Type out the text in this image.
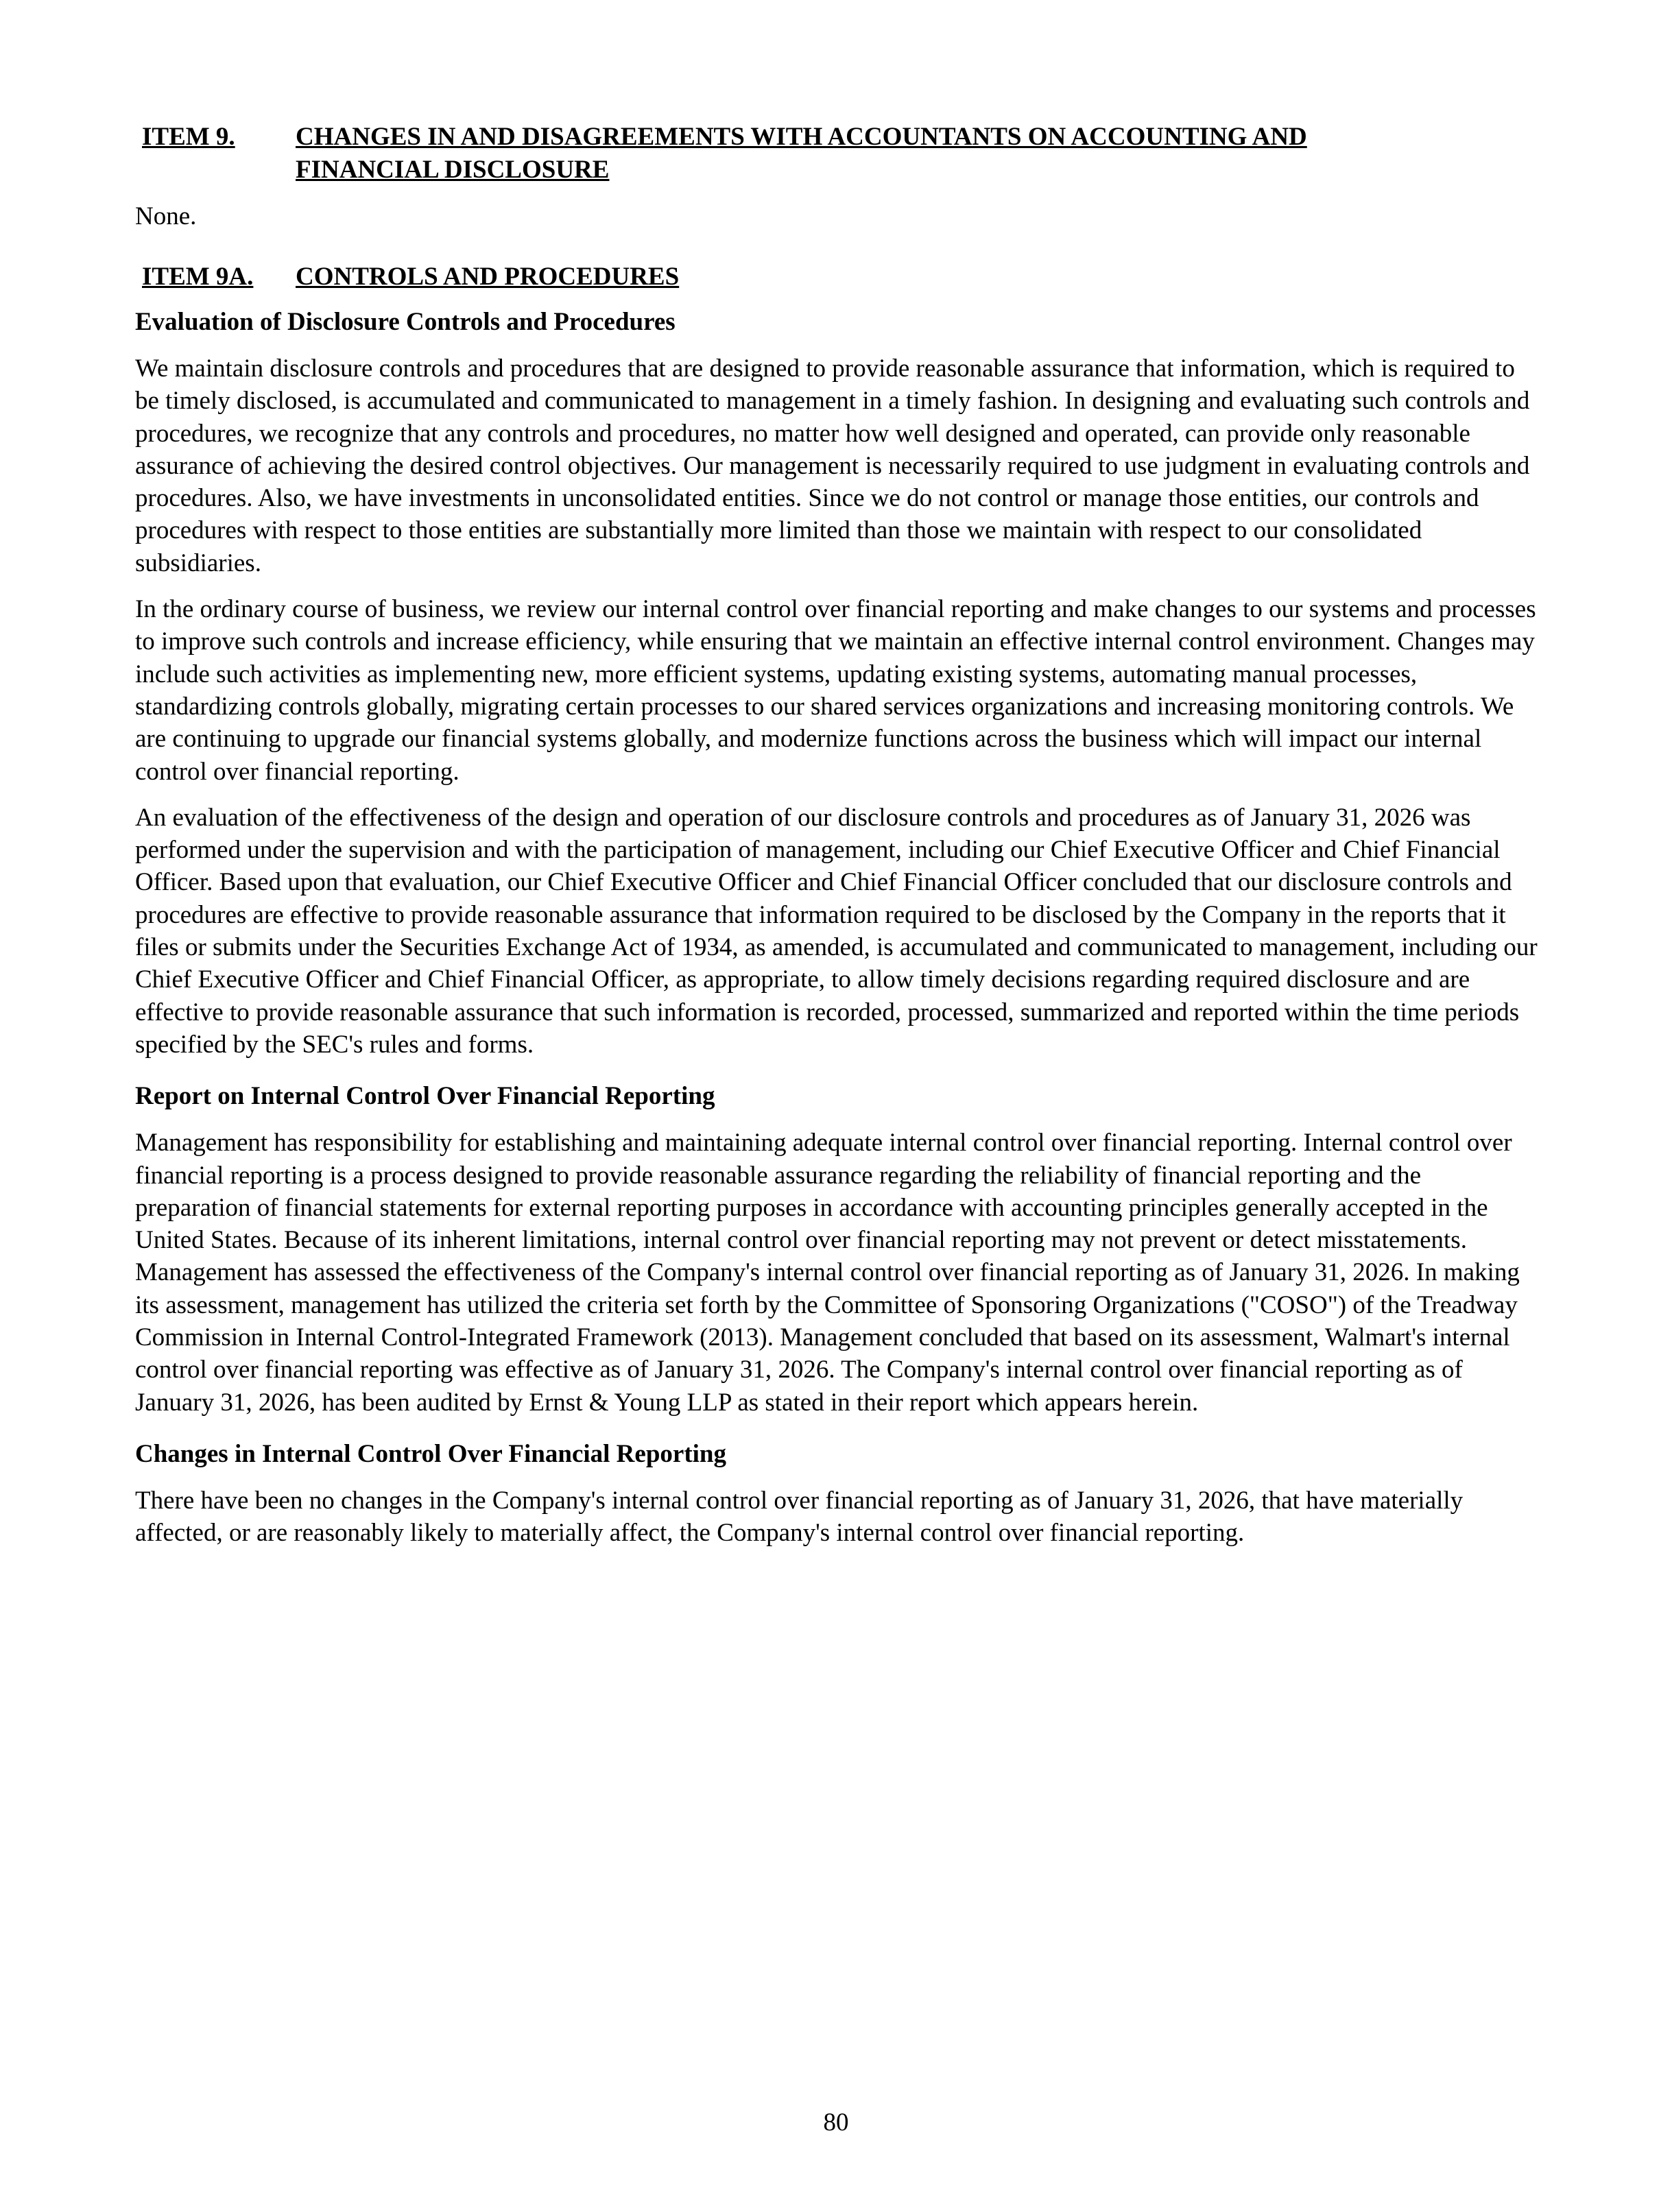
ITEM 9.	CHANGES IN AND DISAGREEMENTS WITH ACCOUNTANTS ON ACCOUNTING AND
FINANCIAL DISCLOSURE

None.

ITEM 9A.	CONTROLS AND PROCEDURES
Evaluation of Disclosure Controls and Procedures

We maintain disclosure controls and procedures that are designed to provide reasonable assurance that information, which is required to be timely disclosed, is accumulated and communicated to management in a timely fashion. In designing and evaluating such controls and procedures, we recognize that any controls and procedures, no matter how well designed and operated, can provide only reasonable assurance of achieving the desired control objectives. Our management is necessarily required to use judgment in evaluating controls and procedures. Also, we have investments in unconsolidated entities. Since we do not control or manage those entities, our controls and procedures with respect to those entities are substantially more limited than those we maintain with respect to our consolidated subsidiaries.

In the ordinary course of business, we review our internal control over financial reporting and make changes to our systems and processes to improve such controls and increase efficiency, while ensuring that we maintain an effective internal control environment. Changes may include such activities as implementing new, more efficient systems, updating existing systems, automating manual processes, standardizing controls globally, migrating certain processes to our shared services organizations and increasing monitoring controls. We are continuing to upgrade our financial systems globally, and modernize functions across the business which will impact our internal control over financial reporting.

An evaluation of the effectiveness of the design and operation of our disclosure controls and procedures as of January 31, 2026 was performed under the supervision and with the participation of management, including our Chief Executive Officer and Chief Financial Officer. Based upon that evaluation, our Chief Executive Officer and Chief Financial Officer concluded that our disclosure controls and procedures are effective to provide reasonable assurance that information required to be disclosed by the Company in the reports that it files or submits under the Securities Exchange Act of 1934, as amended, is accumulated and communicated to management, including our Chief Executive Officer and Chief Financial Officer, as appropriate, to allow timely decisions regarding required disclosure and are effective to provide reasonable assurance that such information is recorded, processed, summarized and reported within the time periods specified by the SEC's rules and forms.

Report on Internal Control Over Financial Reporting

Management has responsibility for establishing and maintaining adequate internal control over financial reporting. Internal control over financial reporting is a process designed to provide reasonable assurance regarding the reliability of financial reporting and the preparation of financial statements for external reporting purposes in accordance with accounting principles generally accepted in the United States. Because of its inherent limitations, internal control over financial reporting may not prevent or detect misstatements. Management has assessed the effectiveness of the Company's internal control over financial reporting as of January 31, 2026. In making its assessment, management has utilized the criteria set forth by the Committee of Sponsoring Organizations ("COSO") of the Treadway Commission in Internal Control-Integrated Framework (2013). Management concluded that based on its assessment, Walmart's internal control over financial reporting was effective as of January 31, 2026. The Company's internal control over financial reporting as of January 31, 2026, has been audited by Ernst & Young LLP as stated in their report which appears herein.

Changes in Internal Control Over Financial Reporting

There have been no changes in the Company's internal control over financial reporting as of January 31, 2026, that have materially affected, or are reasonably likely to materially affect, the Company's internal control over financial reporting.

80
